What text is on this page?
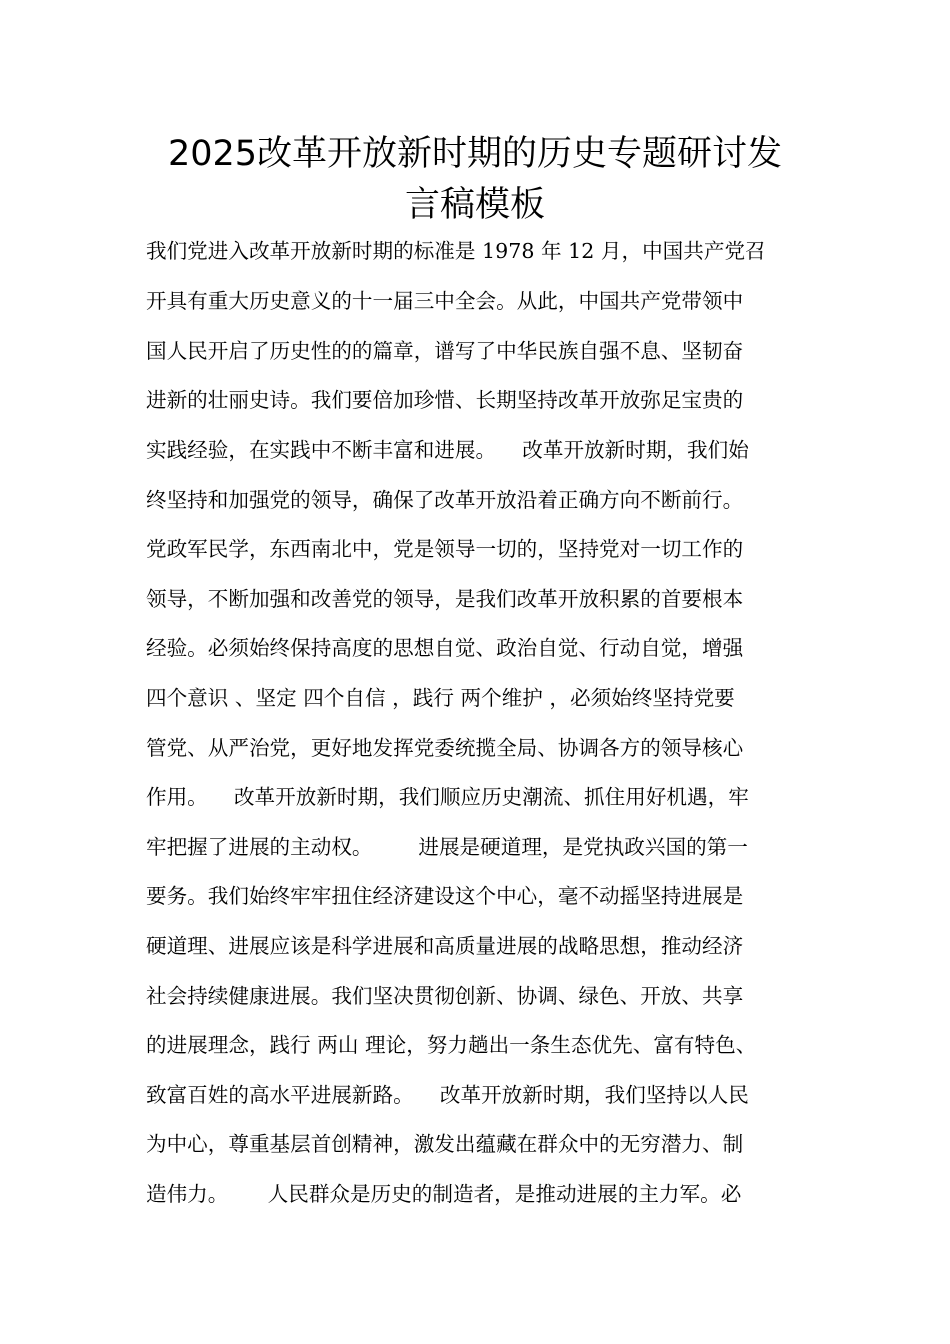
2025改革开放新时期的历史专题研讨发
言稿模板

我们党进入改革开放新时期的标准是 1978 年 12 月，中国共产党召

开具有重大历史意义的十一届三中全会。从此，中国共产党带领中

国人民开启了历史性的的篇章，谱写了中华民族自强不息、坚韧奋

进新的壮丽史诗。我们要倍加珍惜、长期坚持改革开放弥足宝贵的

实践经验，在实践中不断丰富和进展。    改革开放新时期，我们始

终坚持和加强党的领导，确保了改革开放沿着正确方向不断前行。

党政军民学，东西南北中，党是领导一切的，坚持党对一切工作的

领导，不断加强和改善党的领导，是我们改革开放积累的首要根本

经验。必须始终保持高度的思想自觉、政治自觉、行动自觉，增强

四个意识 、坚定 四个自信 ，践行 两个维护 ，必须始终坚持党要

管党、从严治党，更好地发挥党委统揽全局、协调各方的领导核心

作用。    改革开放新时期，我们顺应历史潮流、抓住用好机遇，牢

牢把握了进展的主动权。       进展是硬道理，是党执政兴国的第一

要务。我们始终牢牢扭住经济建设这个中心，毫不动摇坚持进展是

硬道理、进展应该是科学进展和高质量进展的战略思想，推动经济

社会持续健康进展。我们坚决贯彻创新、协调、绿色、开放、共享

的进展理念，践行 两山 理论，努力趟出一条生态优先、富有特色、

致富百姓的高水平进展新路。    改革开放新时期，我们坚持以人民

为中心，尊重基层首创精神，激发出蕴藏在群众中的无穷潜力、制

造伟力。      人民群众是历史的制造者，是推动进展的主力军。必
